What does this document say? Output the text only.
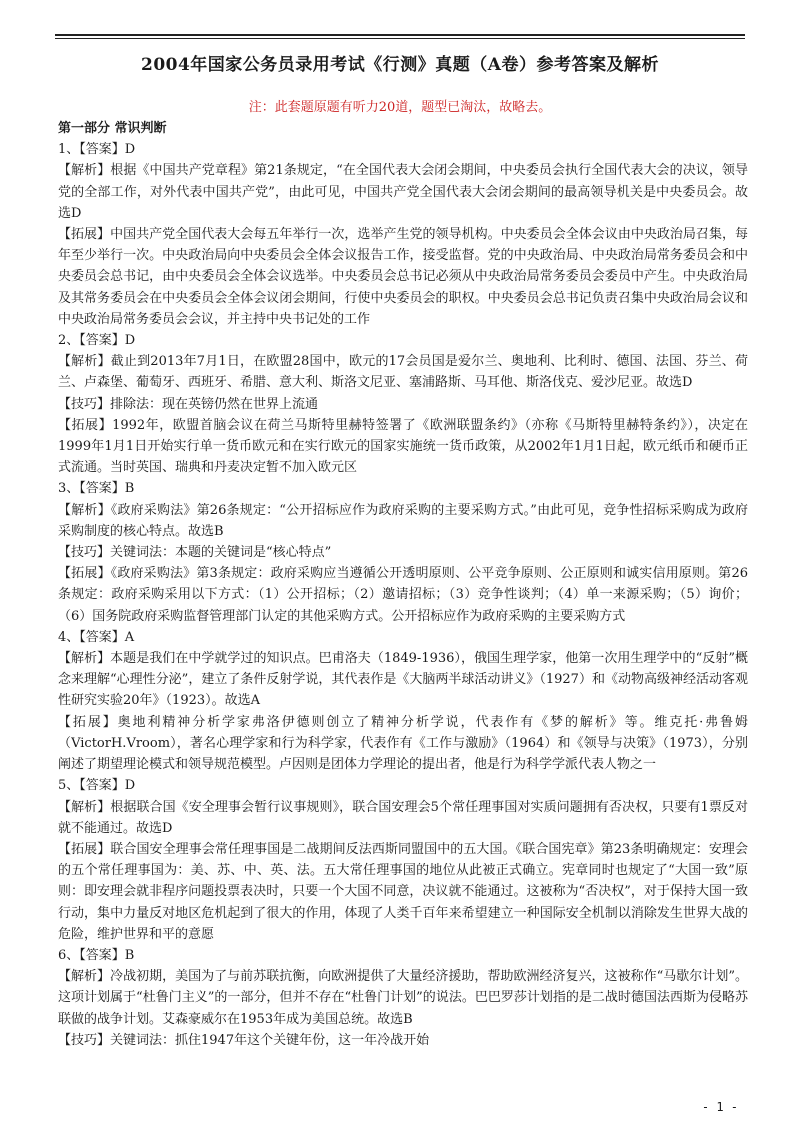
2004年国家公务员录用考试《行测》真题（A卷）参考答案及解析
注：此套题原题有听力20道，题型已淘汰，故略去。

第一部分 常识判断

1、【答案】D

【解析】根据《中国共产党章程》第21条规定，“在全国代表大会闭会期间，中央委员会执行全国代表大会的决议，领导党的全部工作，对外代表中国共产党”，由此可见，中国共产党全国代表大会闭会期间的最高领导机关是中央委员会。故选D

【拓展】中国共产党全国代表大会每五年举行一次，选举产生党的领导机构。中央委员会全体会议由中央政治局召集，每年至少举行一次。中央政治局向中央委员会全体会议报告工作，接受监督。党的中央政治局、中央政治局常务委员会和中央委员会总书记，由中央委员会全体会议选举。中央委员会总书记必须从中央政治局常务委员会委员中产生。中央政治局及其常务委员会在中央委员会全体会议闭会期间，行使中央委员会的职权。中央委员会总书记负责召集中央政治局会议和中央政治局常务委员会会议，并主持中央书记处的工作

2、【答案】D

【解析】截止到2013年7月1日，在欧盟28国中，欧元的17会员国是爱尔兰、奥地利、比利时、德国、法国、芬兰、荷兰、卢森堡、葡萄牙、西班牙、希腊、意大利、斯洛文尼亚、塞浦路斯、马耳他、斯洛伐克、爱沙尼亚。故选D

【技巧】排除法：现在英镑仍然在世界上流通

【拓展】1992年，欧盟首脑会议在荷兰马斯特里赫特签署了《欧洲联盟条约》（亦称《马斯特里赫特条约》），决定在1999年1月1日开始实行单一货币欧元和在实行欧元的国家实施统一货币政策，从2002年1月1日起，欧元纸币和硬币正式流通。当时英国、瑞典和丹麦决定暂不加入欧元区

3、【答案】B

【解析】《政府采购法》第26条规定：“公开招标应作为政府采购的主要采购方式。”由此可见，竞争性招标采购成为政府采购制度的核心特点。故选B

【技巧】关键词法：本题的关键词是“核心特点”

【拓展】《政府采购法》第3条规定：政府采购应当遵循公开透明原则、公平竞争原则、公正原则和诚实信用原则。第26条规定：政府采购采用以下方式：（1）公开招标；（2）邀请招标；（3）竞争性谈判；（4）单一来源采购；（5）询价；（6）国务院政府采购监督管理部门认定的其他采购方式。公开招标应作为政府采购的主要采购方式

4、【答案】A

【解析】本题是我们在中学就学过的知识点。巴甫洛夫（1849-1936），俄国生理学家，他第一次用生理学中的“反射”概念来理解“心理性分泌”，建立了条件反射学说，其代表作是《大脑两半球活动讲义》（1927）和《动物高级神经活动客观性研究实验20年》（1923）。故选A

【拓展】奥地利精神分析学家弗洛伊德则创立了精神分析学说，代表作有《梦的解析》等。维克托·弗鲁姆（VictorH.Vroom），著名心理学家和行为科学家，代表作有《工作与激励》（1964）和《领导与决策》（1973），分别阐述了期望理论模式和领导规范模型。卢因则是团体力学理论的提出者，他是行为科学学派代表人物之一

5、【答案】D

【解析】根据联合国《安全理事会暂行议事规则》，联合国安理会5个常任理事国对实质问题拥有否决权，只要有1票反对就不能通过。故选D

【拓展】联合国安全理事会常任理事国是二战期间反法西斯同盟国中的五大国。《联合国宪章》第23条明确规定：安理会的五个常任理事国为：美、苏、中、英、法。五大常任理事国的地位从此被正式确立。宪章同时也规定了“大国一致”原则：即安理会就非程序问题投票表决时，只要一个大国不同意，决议就不能通过。这被称为“否决权”，对于保持大国一致行动，集中力量反对地区危机起到了很大的作用，体现了人类千百年来希望建立一种国际安全机制以消除发生世界大战的危险，维护世界和平的意愿

6、【答案】B

【解析】冷战初期，美国为了与前苏联抗衡，向欧洲提供了大量经济援助，帮助欧洲经济复兴，这被称作“马歇尔计划”。这项计划属于“杜鲁门主义”的一部分，但并不存在“杜鲁门计划”的说法。巴巴罗莎计划指的是二战时德国法西斯为侵略苏联做的战争计划。艾森豪威尔在1953年成为美国总统。故选B

【技巧】关键词法：抓住1947年这个关键年份，这一年冷战开始

- 1 -
